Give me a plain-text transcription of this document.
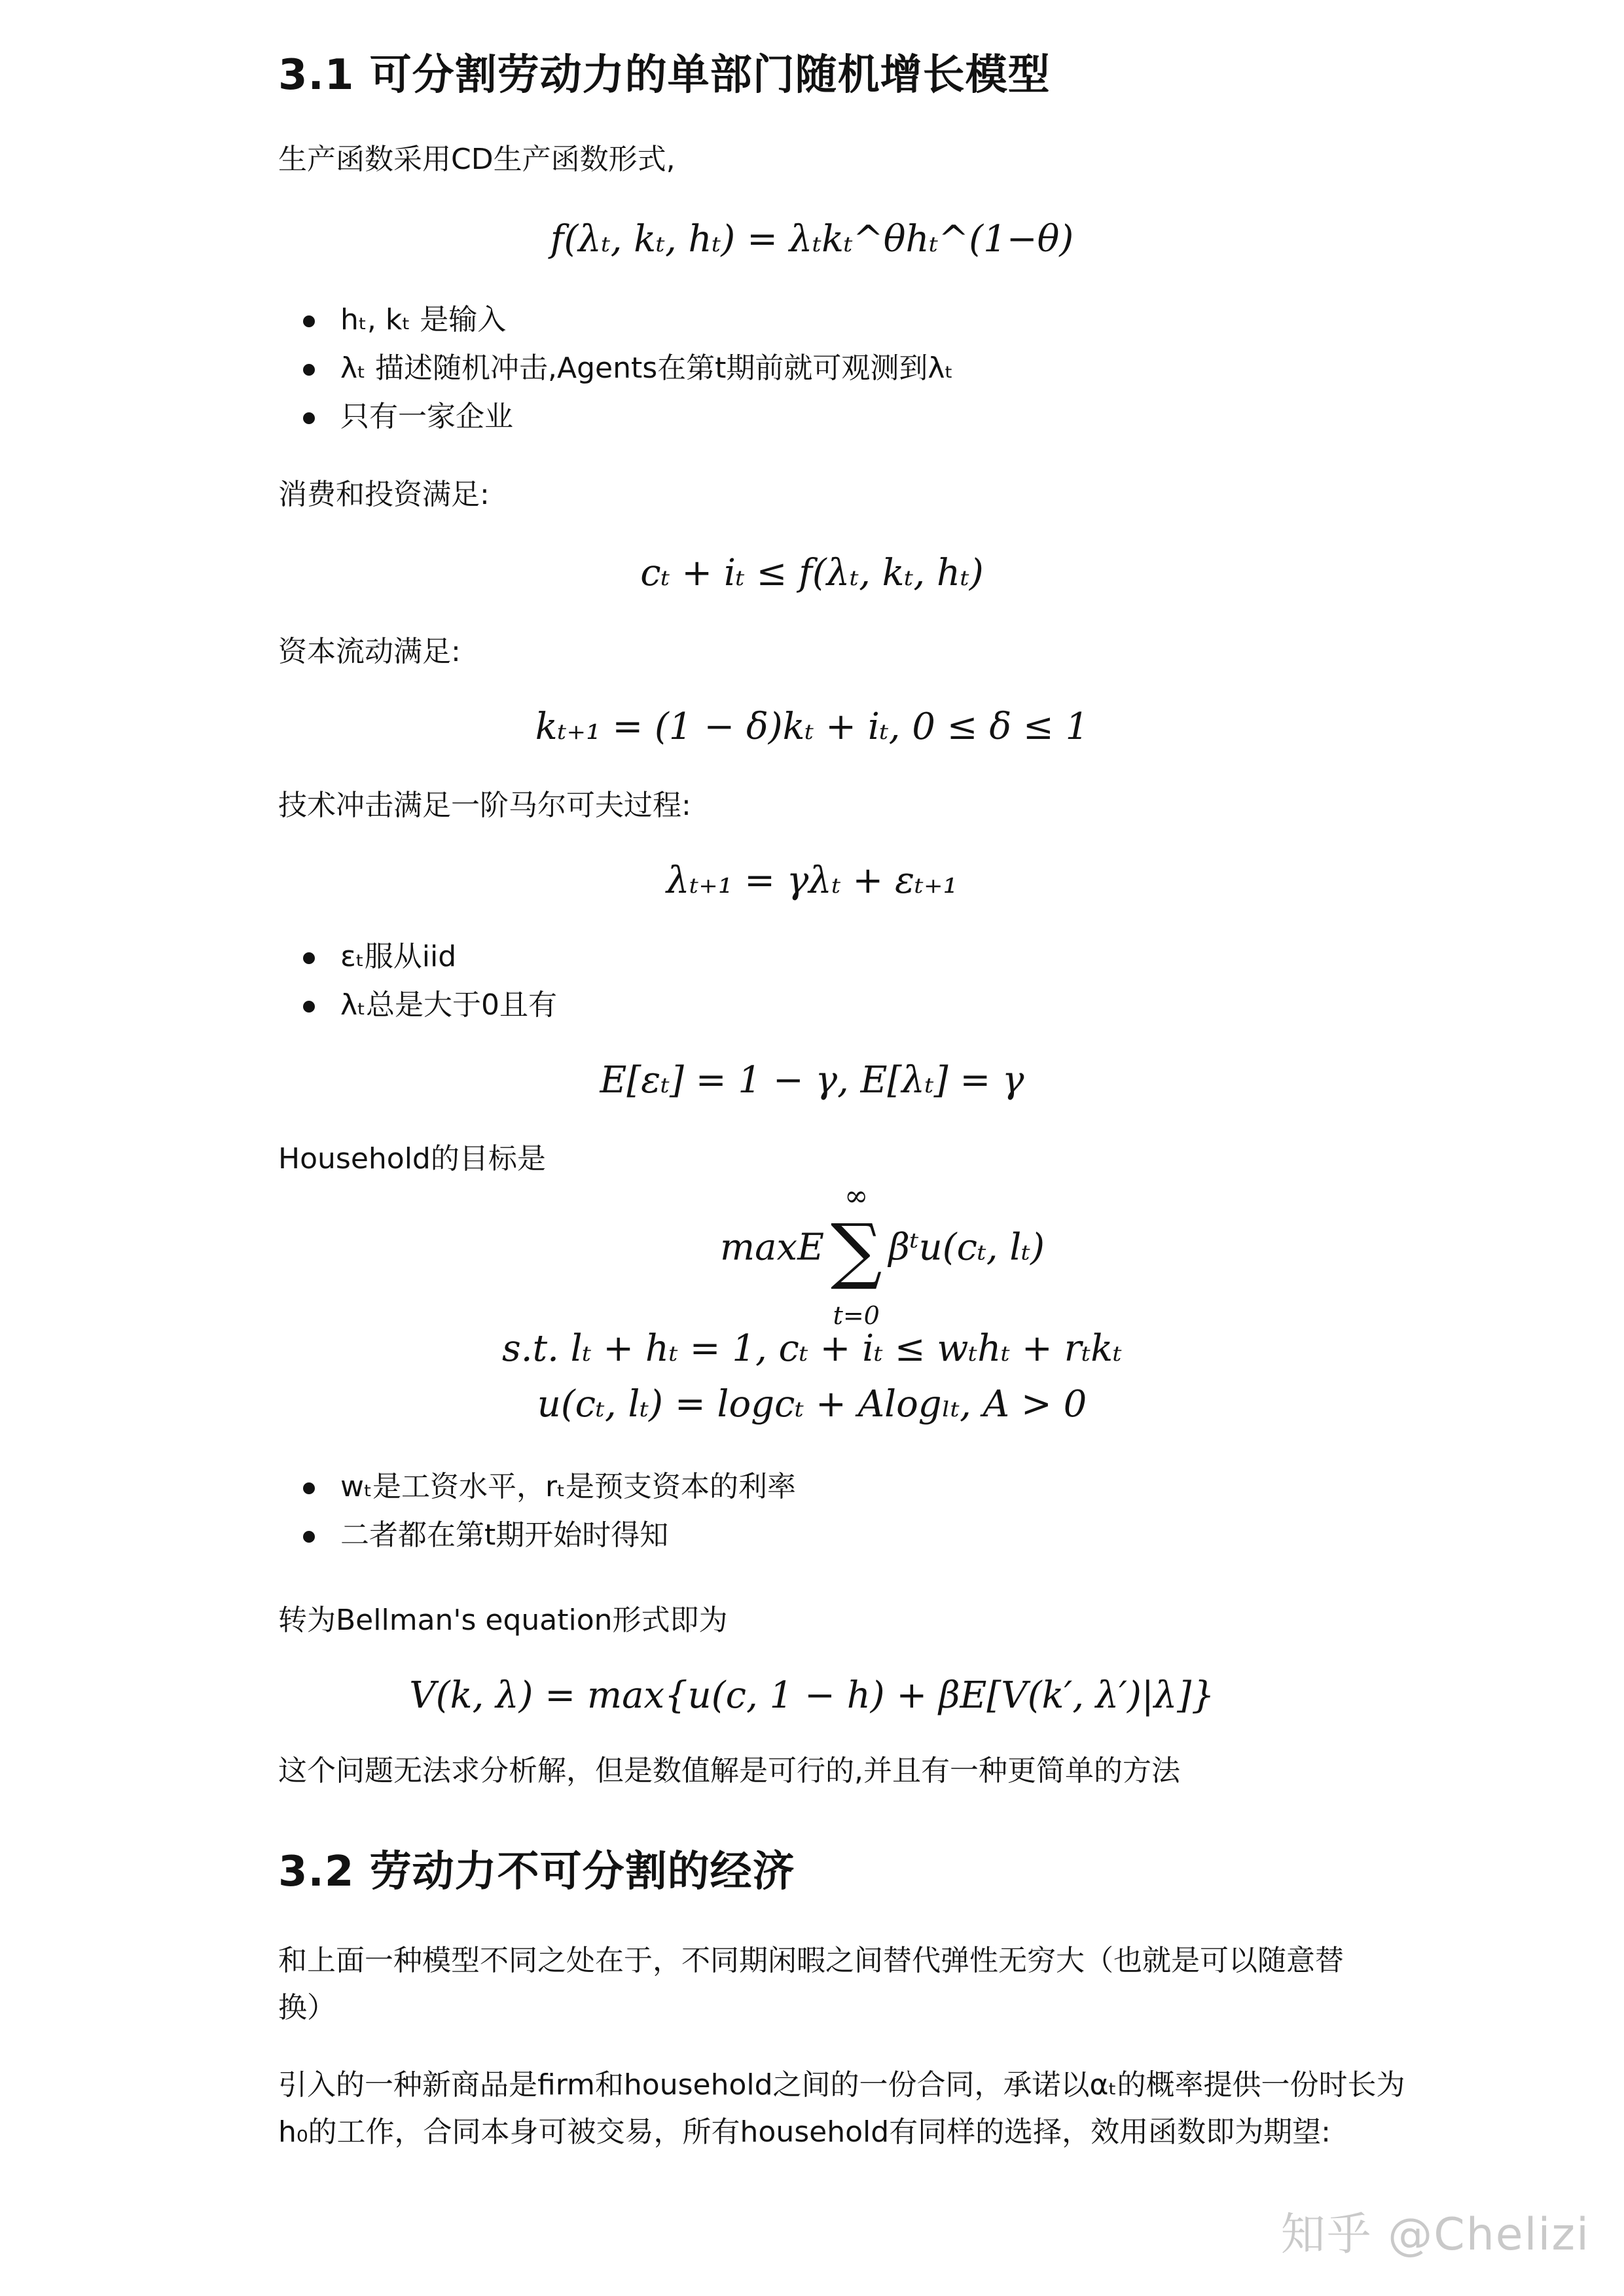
3.1 可分割劳动力的单部门随机增长模型

生产函数采用CD生产函数形式,

f(λₜ, kₜ, hₜ) = λₜkₜ^θhₜ^(1−θ)
hₜ, kₜ 是输入
λₜ 描述随机冲击,Agents在第t期前就可观测到λₜ
只有一家企业

消费和投资满足:

cₜ + iₜ ≤ f(λₜ, kₜ, hₜ)

资本流动满足:

kₜ₊₁ = (1 − δ)kₜ + iₜ, 0 ≤ δ ≤ 1

技术冲击满足一阶马尔可夫过程:

λₜ₊₁ = γλₜ + εₜ₊₁
εₜ服从iid
λₜ总是大于0且有
E[εₜ] = 1 − γ, E[λₜ] = γ

Household的目标是

maxE∑
∞
t=0
βᵗu(cₜ, lₜ)
s.t. lₜ + hₜ = 1, cₜ + iₜ ≤ wₜhₜ + rₜkₜ
u(cₜ, lₜ) = logcₜ + Alogₗₜ, A > 0
wₜ是工资水平，rₜ是预支资本的利率
二者都在第t期开始时得知

转为Bellman's equation形式即为

V(k, λ) = max{u(c, 1 − h) + βE[V(k′, λ′)|λ]}

这个问题无法求分析解，但是数值解是可行的,并且有一种更简单的方法

3.2 劳动力不可分割的经济

和上面一种模型不同之处在于，不同期闲暇之间替代弹性无穷大（也就是可以随意替
换）

引入的一种新商品是firm和household之间的一份合同，承诺以αₜ的概率提供一份时长为
h₀的工作，合同本身可被交易，所有household有同样的选择，效用函数即为期望:

知乎 @Chelizi
